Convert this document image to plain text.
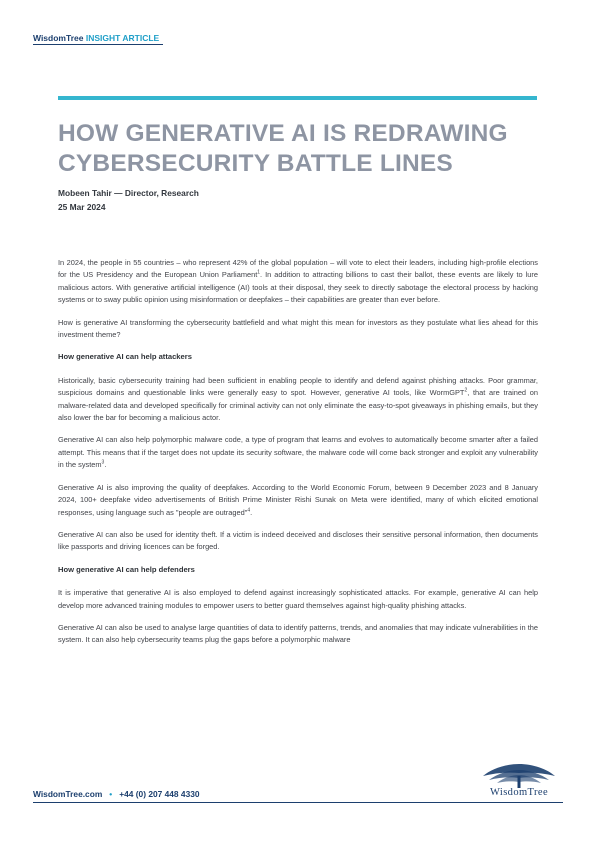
WisdomTree INSIGHT ARTICLE
HOW GENERATIVE AI IS REDRAWING CYBERSECURITY BATTLE LINES
Mobeen Tahir — Director, Research
25 Mar 2024

In 2024, the people in 55 countries – who represent 42% of the global population – will vote to elect their leaders, including high-profile elections for the US Presidency and the European Union Parliament$^1$. In addition to attracting billions to cast their ballot, these events are likely to lure malicious actors. With generative artificial intelligence (AI) tools at their disposal, they seek to directly sabotage the electoral process by hacking systems or to sway public opinion using misinformation or deepfakes – their capabilities are greater than ever before.

How is generative AI transforming the cybersecurity battlefield and what might this mean for investors as they postulate what lies ahead for this investment theme?

How generative AI can help attackers

Historically, basic cybersecurity training had been sufficient in enabling people to identify and defend against phishing attacks. Poor grammar, suspicious domains and questionable links were generally easy to spot. However, generative AI tools, like WormGPT$^2$, that are trained on malware-related data and developed specifically for criminal activity can not only eliminate the easy-to-spot giveaways in phishing emails, but they also lower the bar for becoming a malicious actor.

Generative AI can also help polymorphic malware code, a type of program that learns and evolves to automatically become smarter after a failed attempt. This means that if the target does not update its security software, the malware code will come back stronger and exploit any vulnerability in the system$^3$.

Generative AI is also improving the quality of deepfakes. According to the World Economic Forum, between 9 December 2023 and 8 January 2024, 100+ deepfake video advertisements of British Prime Minister Rishi Sunak on Meta were identified, many of which elicited emotional responses, using language such as "people are outraged"$^4$.

Generative AI can also be used for identity theft. If a victim is indeed deceived and discloses their sensitive personal information, then documents like passports and driving licences can be forged.

How generative AI can help defenders

It is imperative that generative AI is also employed to defend against increasingly sophisticated attacks. For example, generative AI can help develop more advanced training modules to empower users to better guard themselves against high-quality phishing attacks.

Generative AI can also be used to analyse large quantities of data to identify patterns, trends, and anomalies that may indicate vulnerabilities in the system. It can also help cybersecurity teams plug the gaps before a polymorphic malware

WisdomTree.com • +44 (0) 207 448 4330	WisdomTree
